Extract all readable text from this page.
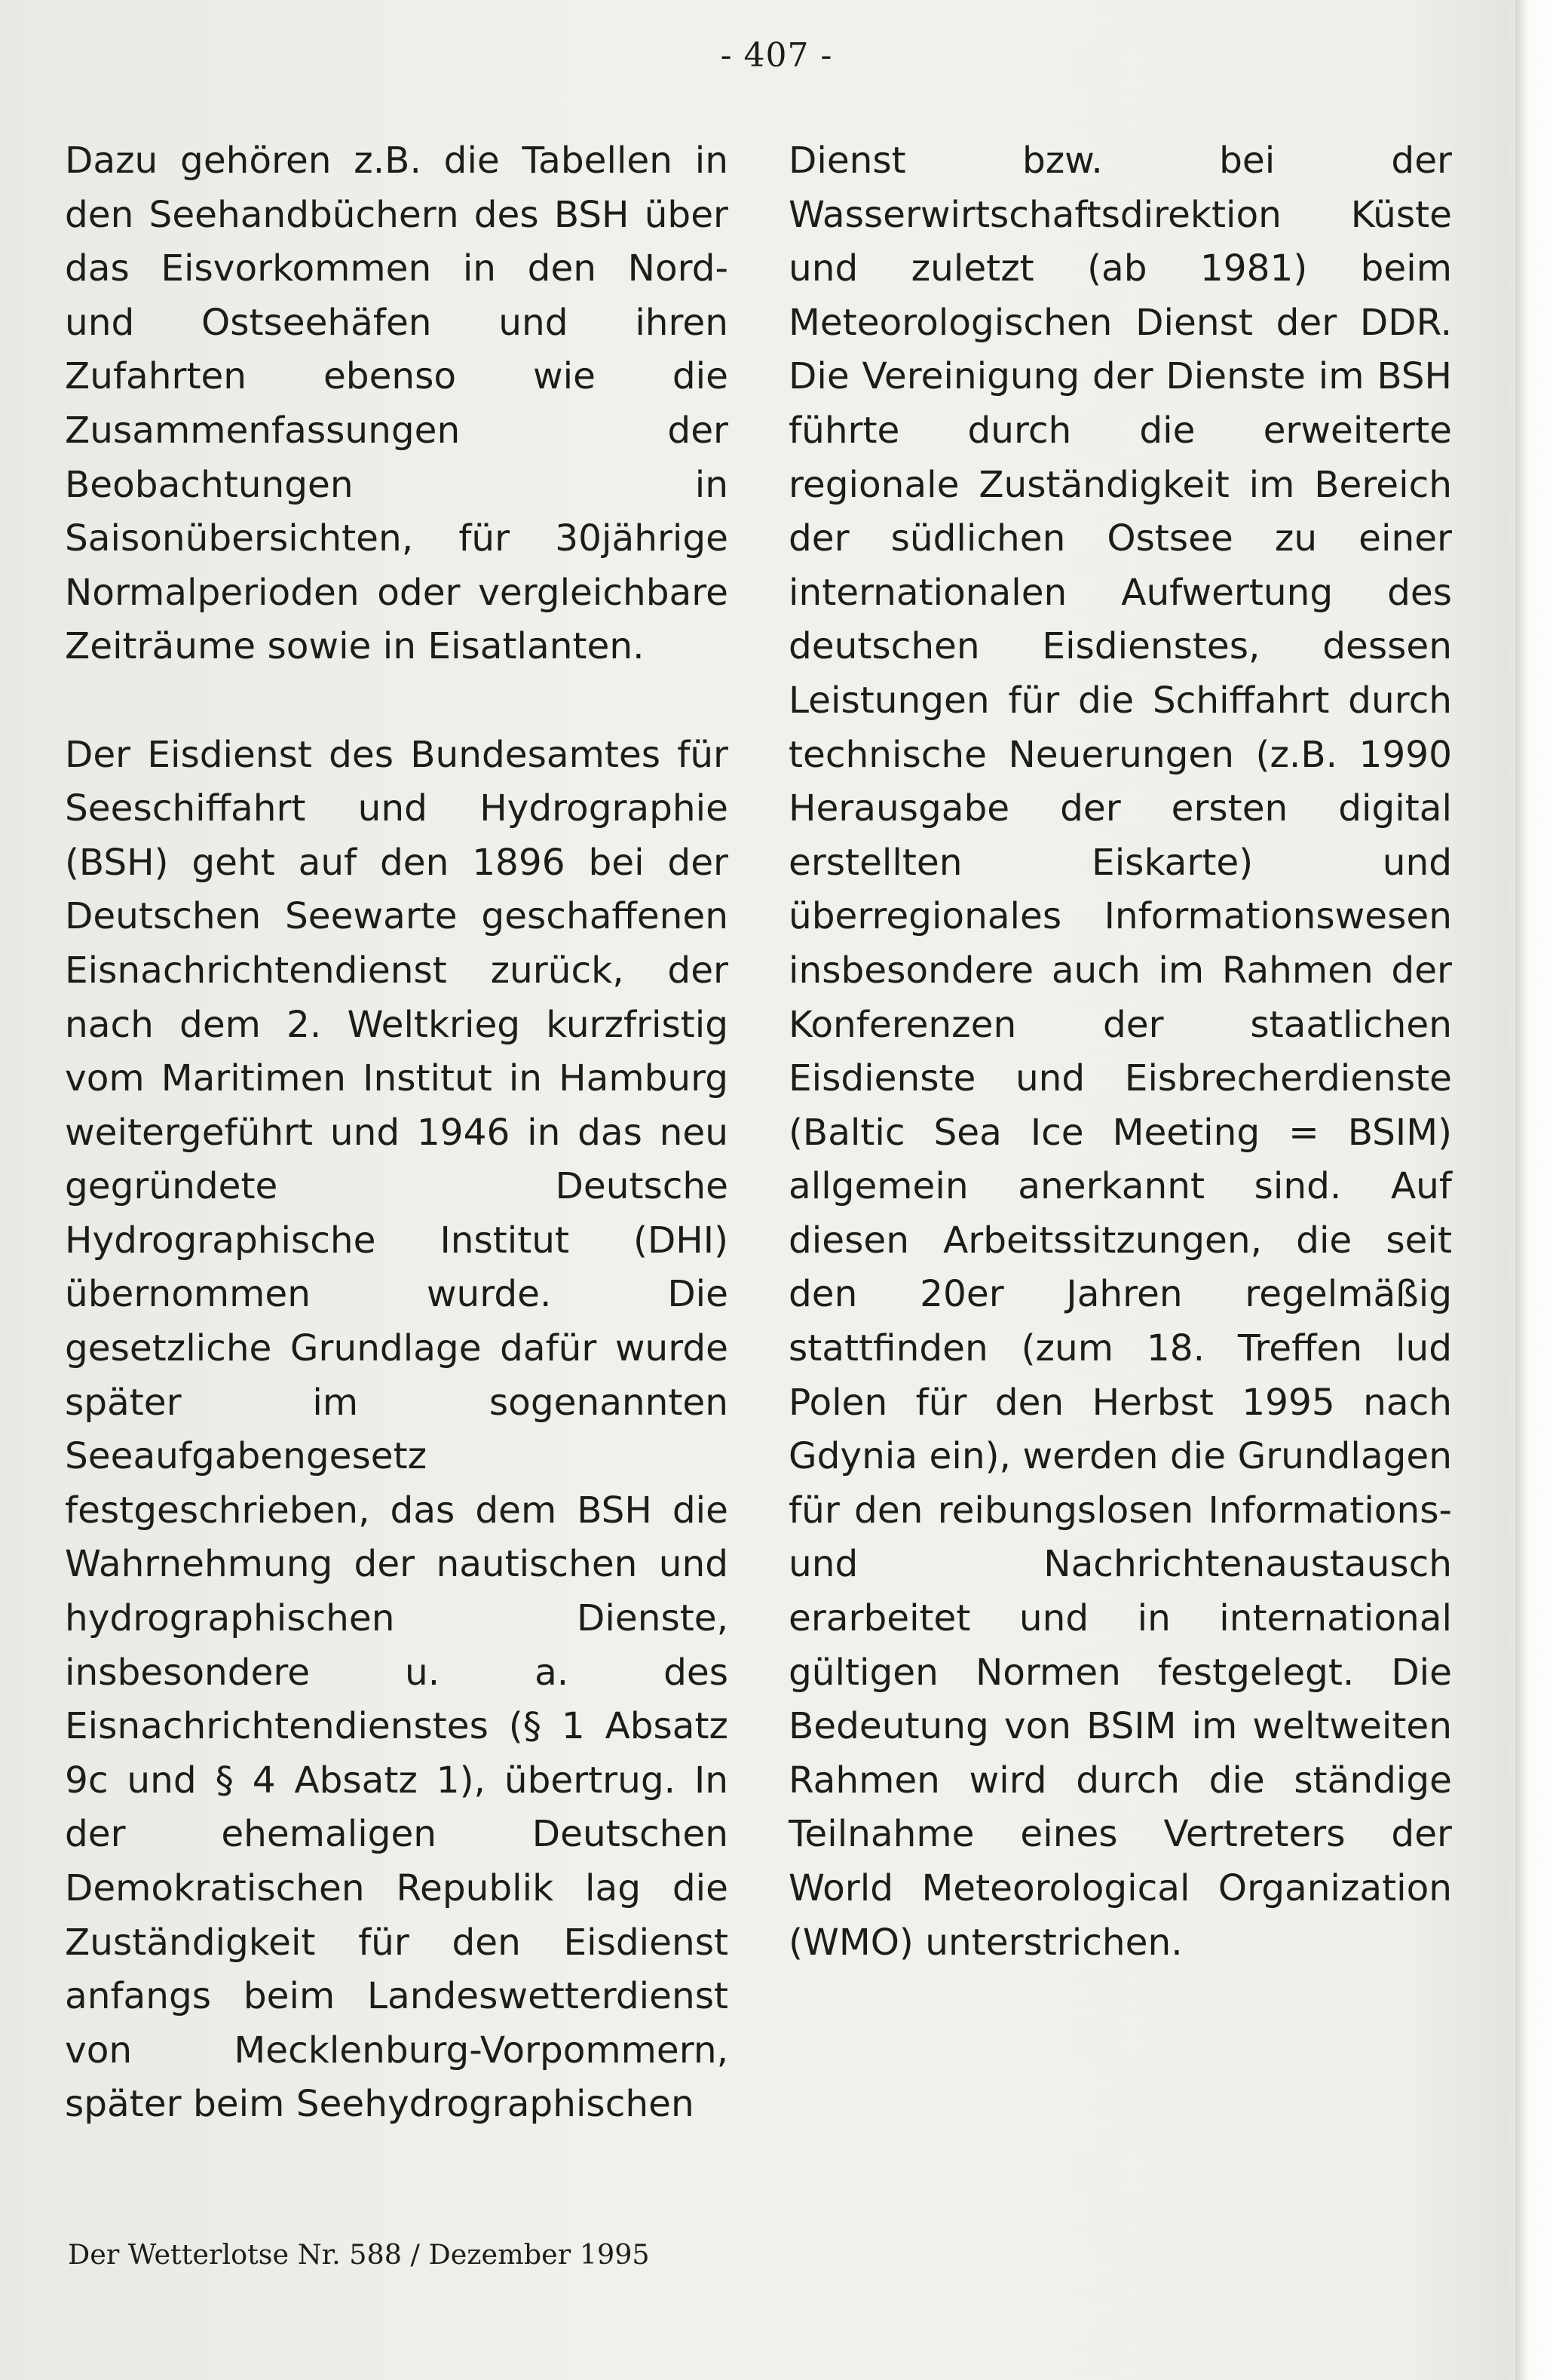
- 407 -

Dazu gehören z.B. die Tabellen in den Seehandbüchern des BSH über das Eisvorkommen in den Nord- und Ostseehäfen und ihren Zufahrten ebenso wie die Zusammenfassungen der Beobachtungen in Saisonübersichten, für 30jährige Normalperioden oder vergleichbare Zeiträume sowie in Eisatlanten.

Der Eisdienst des Bundesamtes für Seeschiffahrt und Hydrographie (BSH) geht auf den 1896 bei der Deutschen Seewarte geschaffenen Eisnachrichtendienst zurück, der nach dem 2. Weltkrieg kurzfristig vom Maritimen Institut in Hamburg weitergeführt und 1946 in das neu gegründete Deutsche Hydrographische Institut (DHI) übernommen wurde. Die gesetzliche Grundlage dafür wurde später im sogenannten Seeaufgabengesetz festgeschrieben, das dem BSH die Wahrnehmung der nautischen und hydrographischen Dienste, insbesondere u. a. des Eisnachrichtendienstes (§ 1 Absatz 9c und § 4 Absatz 1), übertrug. In der ehemaligen Deutschen Demokratischen Republik lag die Zuständigkeit für den Eisdienst anfangs beim Landeswetterdienst von Mecklenburg-Vorpommern, später beim Seehydrographischen

Dienst bzw. bei der Wasserwirtschaftsdirektion Küste und zuletzt (ab 1981) beim Meteorologischen Dienst der DDR. Die Vereinigung der Dienste im BSH führte durch die erweiterte regionale Zuständigkeit im Bereich der südlichen Ostsee zu einer internationalen Aufwertung des deutschen Eisdienstes, dessen Leistungen für die Schiffahrt durch technische Neuerungen (z.B. 1990 Herausgabe der ersten digital erstellten Eiskarte) und überregionales Informationswesen insbesondere auch im Rahmen der Konferenzen der staatlichen Eisdienste und Eisbrecherdienste (Baltic Sea Ice Meeting = BSIM) allgemein anerkannt sind. Auf diesen Arbeitssitzungen, die seit den 20er Jahren regelmäßig stattfinden (zum 18. Treffen lud Polen für den Herbst 1995 nach Gdynia ein), werden die Grundlagen für den reibungslosen Informations- und Nachrichtenaustausch erarbeitet und in international gültigen Normen festgelegt. Die Bedeutung von BSIM im weltweiten Rahmen wird durch die ständige Teilnahme eines Vertreters der World Meteorological Organization (WMO) unterstrichen.

Der Wetterlotse Nr. 588 / Dezember 1995
